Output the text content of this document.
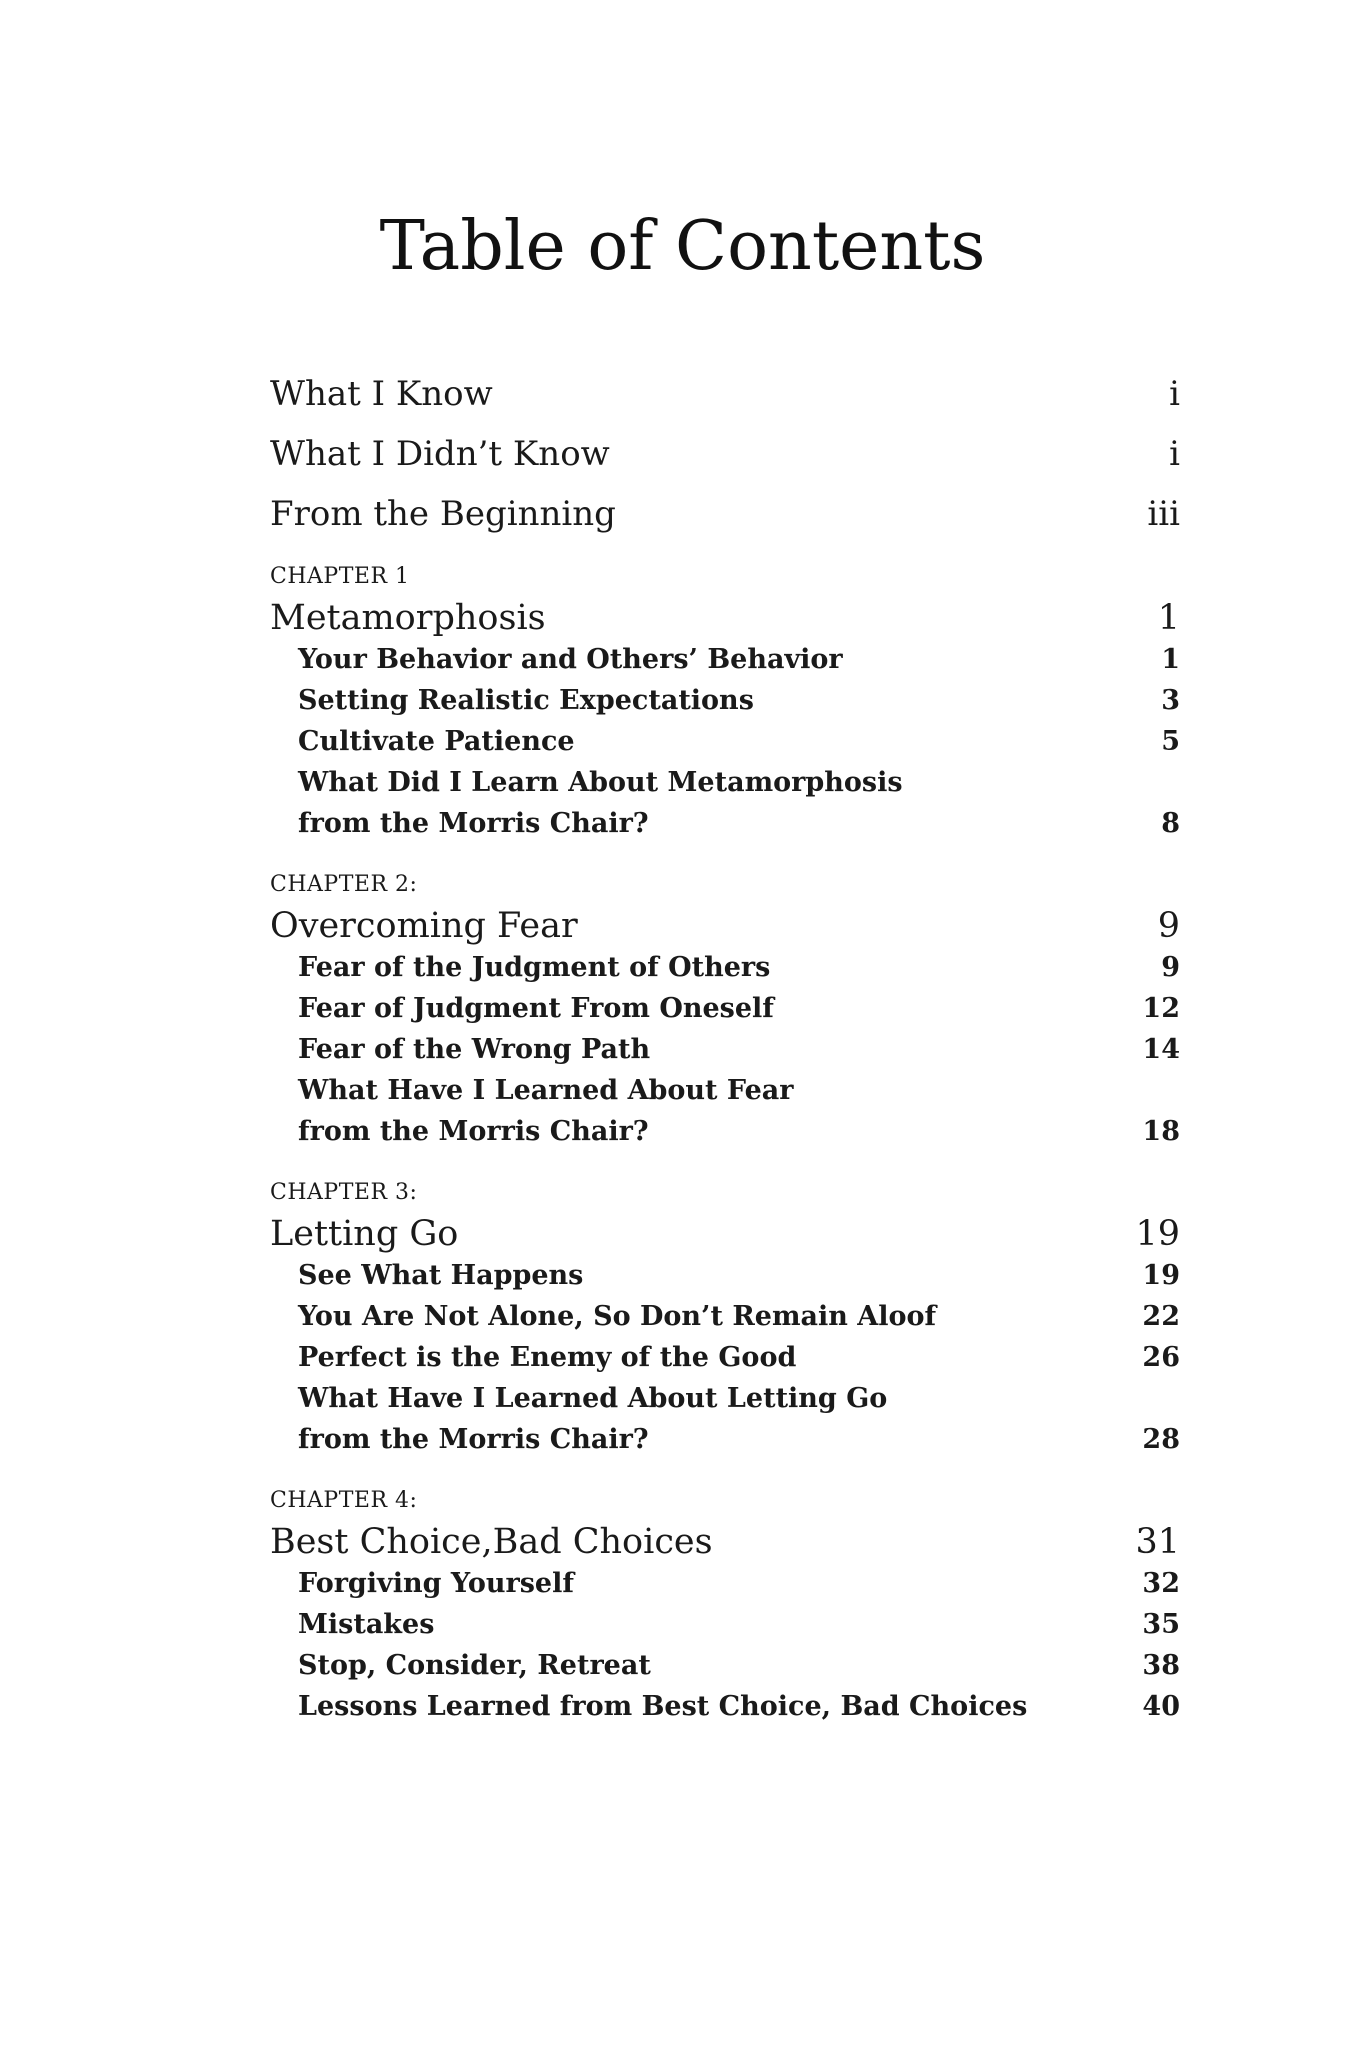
Table of Contents
What I Know	i
What I Didn’t Know	i
From the Beginning	iii
CHAPTER 1
Metamorphosis	1
Your Behavior and Others’ Behavior	1
Setting Realistic Expectations	3
Cultivate Patience	5
What Did I Learn About Metamorphosis
from the Morris Chair?	8
CHAPTER 2:
Overcoming Fear	9
Fear of the Judgment of Others	9
Fear of Judgment From Oneself	12
Fear of the Wrong Path	14
What Have I Learned About Fear
from the Morris Chair?	18
CHAPTER 3:
Letting Go	19
See What Happens	19
You Are Not Alone, So Don’t Remain Aloof	22
Perfect is the Enemy of the Good	26
What Have I Learned About Letting Go
from the Morris Chair?	28
CHAPTER 4:
Best Choice,Bad Choices	31
Forgiving Yourself	32
Mistakes	35
Stop, Consider, Retreat	38
Lessons Learned from Best Choice, Bad Choices	40
